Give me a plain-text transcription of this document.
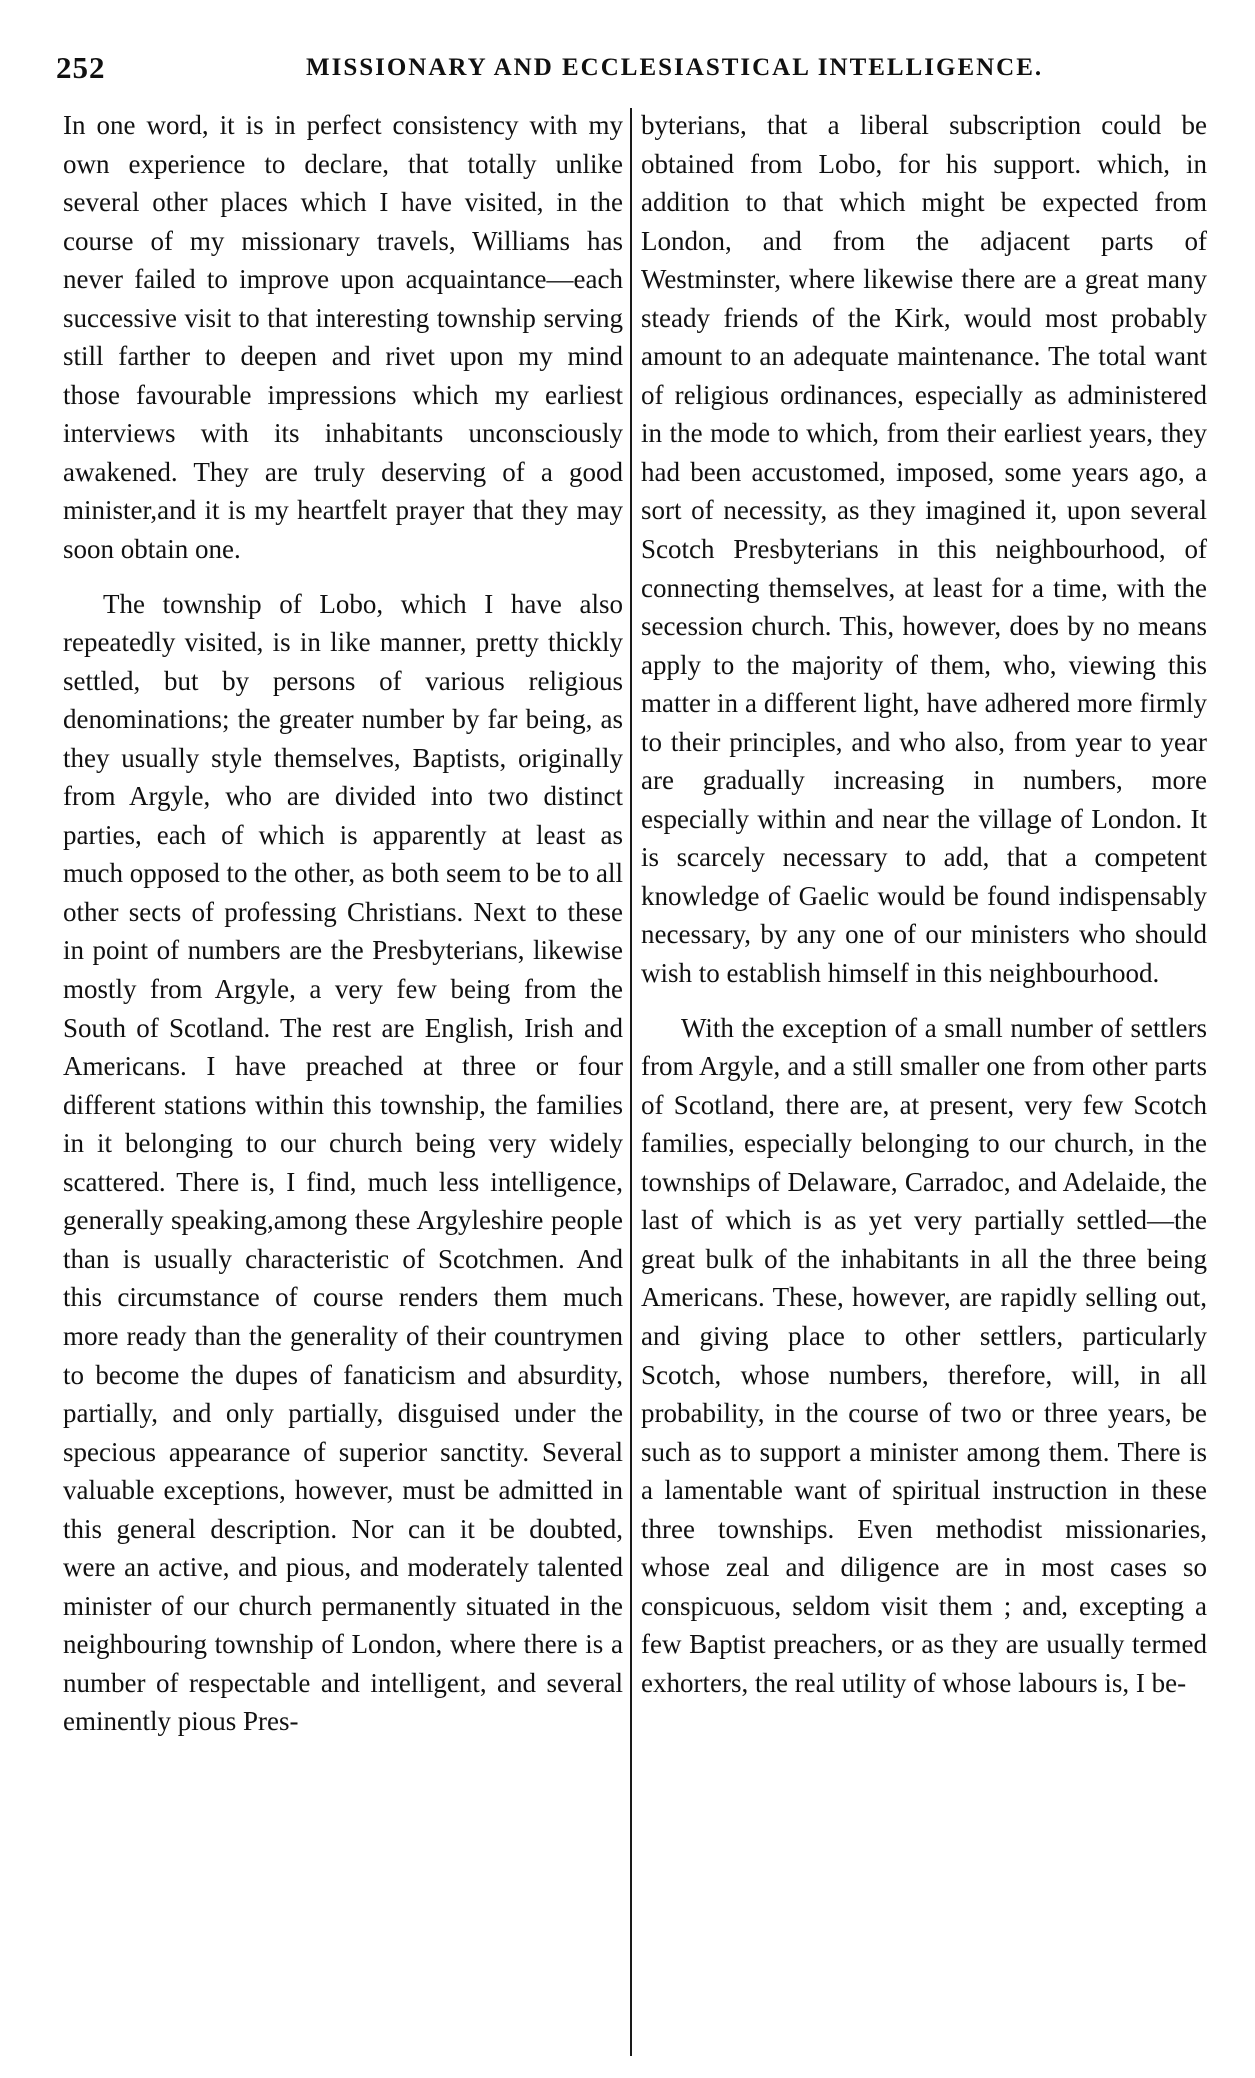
252	MISSIONARY AND ECCLESIASTICAL INTELLIGENCE.

In one word, it is in perfect consistency with my own experience to declare, that totally unlike several other places which I have visited, in the course of my missionary travels, Williams has never failed to improve upon acquaintance—each successive visit to that interesting township serving still farther to deepen and rivet upon my mind those favourable impressions which my earliest interviews with its inhabitants unconsciously awakened. They are truly deserving of a good minister,and it is my heartfelt prayer that they may soon obtain one.

The township of Lobo, which I have also repeatedly visited, is in like manner, pretty thickly settled, but by persons of various religious denominations; the greater number by far being, as they usually style themselves, Baptists, originally from Argyle, who are divided into two distinct parties, each of which is apparently at least as much opposed to the other, as both seem to be to all other sects of professing Christians. Next to these in point of numbers are the Presbyterians, likewise mostly from Argyle, a very few being from the South of Scotland. The rest are English, Irish and Americans. I have preached at three or four different stations within this township, the families in it belonging to our church being very widely scattered. There is, I find, much less intelligence, generally speaking,among these Argyleshire people than is usually characteristic of Scotchmen. And this circumstance of course renders them much more ready than the generality of their countrymen to become the dupes of fanaticism and absurdity, partially, and only partially, disguised under the specious appearance of superior sanctity. Several valuable exceptions, however, must be admitted in this general description. Nor can it be doubted, were an active, and pious, and moderately talented minister of our church permanently situated in the neighbouring township of London, where there is a number of respectable and intelligent, and several eminently pious Pres-

byterians, that a liberal subscription could be obtained from Lobo, for his support. which, in addition to that which might be expected from London, and from the adjacent parts of Westminster, where likewise there are a great many steady friends of the Kirk, would most probably amount to an adequate maintenance. The total want of religious ordinances, especially as administered in the mode to which, from their earliest years, they had been accustomed, imposed, some years ago, a sort of necessity, as they imagined it, upon several Scotch Presbyterians in this neighbourhood, of connecting themselves, at least for a time, with the secession church. This, however, does by no means apply to the majority of them, who, viewing this matter in a different light, have adhered more firmly to their principles, and who also, from year to year are gradually increasing in numbers, more especially within and near the village of London. It is scarcely necessary to add, that a competent knowledge of Gaelic would be found indispensably necessary, by any one of our ministers who should wish to establish himself in this neighbourhood.

With the exception of a small number of settlers from Argyle, and a still smaller one from other parts of Scotland, there are, at present, very few Scotch families, especially belonging to our church, in the townships of Delaware, Carradoc, and Adelaide, the last of which is as yet very partially settled—the great bulk of the inhabitants in all the three being Americans. These, however, are rapidly selling out, and giving place to other settlers, particularly Scotch, whose numbers, therefore, will, in all probability, in the course of two or three years, be such as to support a minister among them. There is a lamentable want of spiritual instruction in these three townships. Even methodist missionaries, whose zeal and diligence are in most cases so conspicuous, seldom visit them ; and, excepting a few Baptist preachers, or as they are usually termed exhorters, the real utility of whose labours is, I be-
